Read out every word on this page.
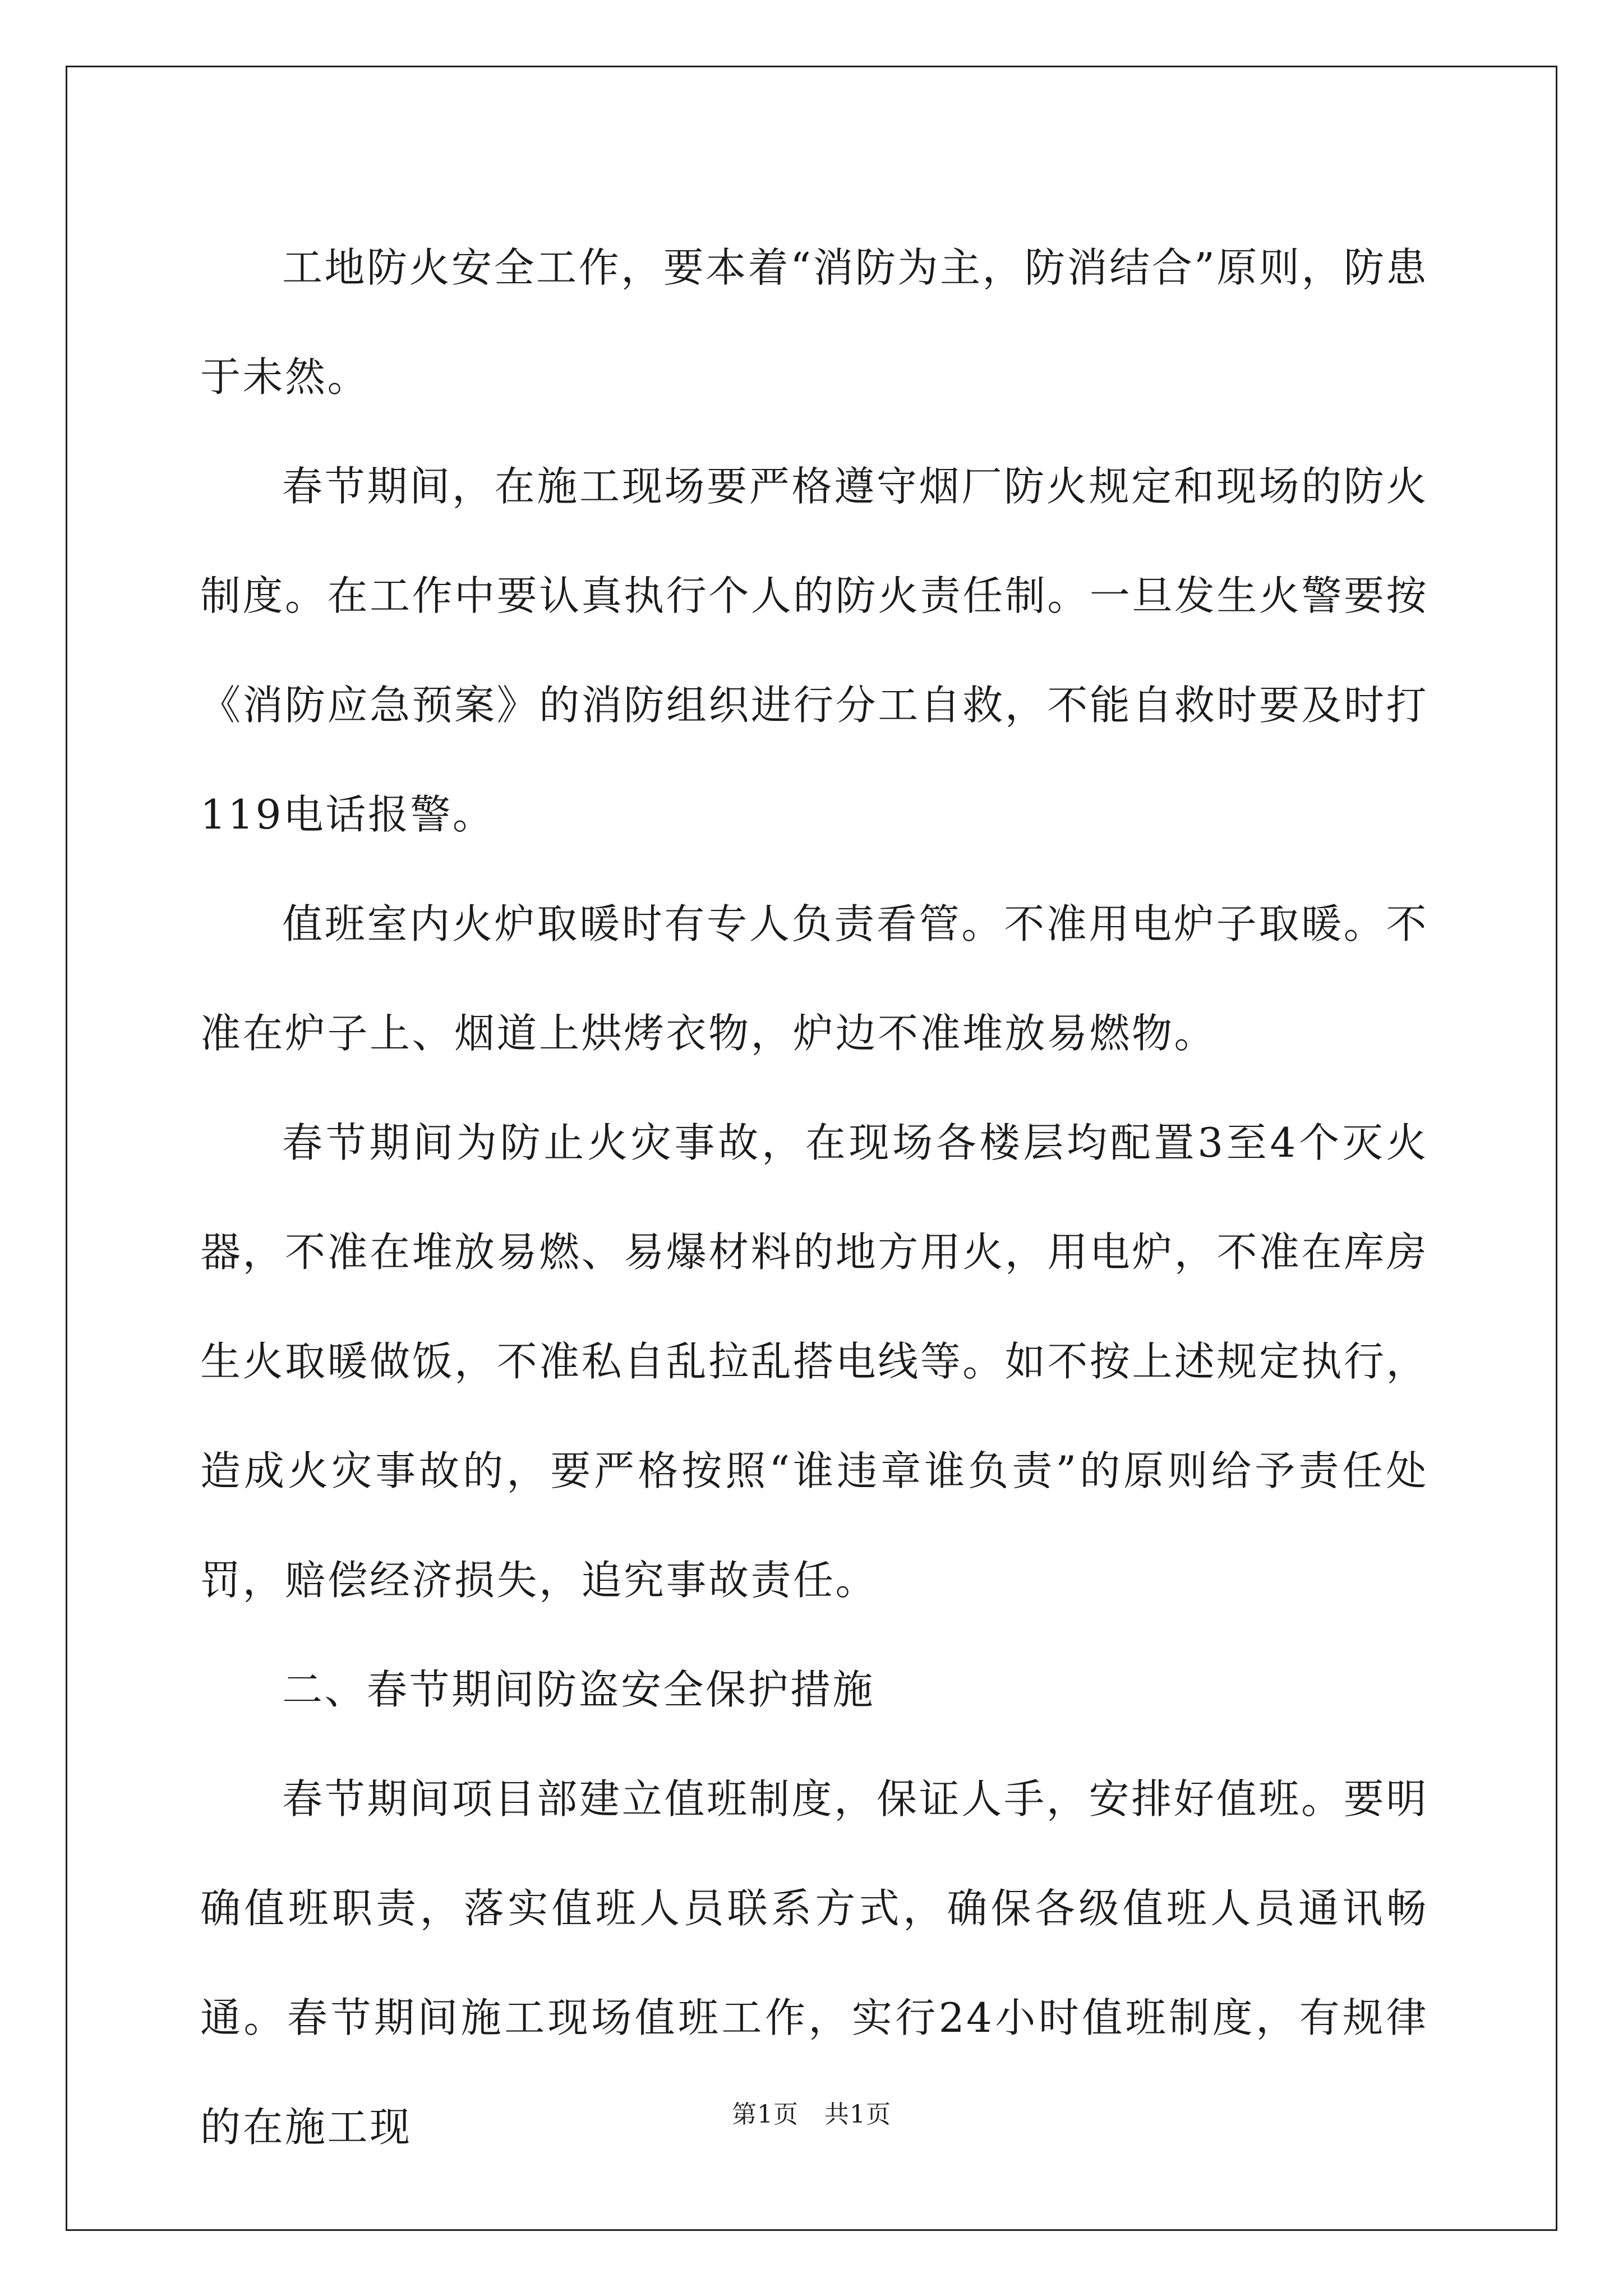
工地防火安全工作，要本着“消防为主，防消结合”原则，防患于未然。

春节期间，在施工现场要严格遵守烟厂防火规定和现场的防火制度。在工作中要认真执行个人的防火责任制。一旦发生火警要按《消防应急预案》的消防组织进行分工自救，不能自救时要及时打119电话报警。

值班室内火炉取暖时有专人负责看管。不准用电炉子取暖。不准在炉子上、烟道上烘烤衣物，炉边不准堆放易燃物。

春节期间为防止火灾事故，在现场各楼层均配置3至4个灭火器，不准在堆放易燃、易爆材料的地方用火，用电炉，不准在库房生火取暖做饭，不准私自乱拉乱搭电线等。如不按上述规定执行，造成火灾事故的，要严格按照“谁违章谁负责”的原则给予责任处罚，赔偿经济损失，追究事故责任。

二、春节期间防盗安全保护措施

春节期间项目部建立值班制度，保证人手，安排好值班。要明确值班职责，落实值班人员联系方式，确保各级值班人员通讯畅通。春节期间施工现场值班工作，实行24小时值班制度，有规律的在施工现	第1页 共1页
